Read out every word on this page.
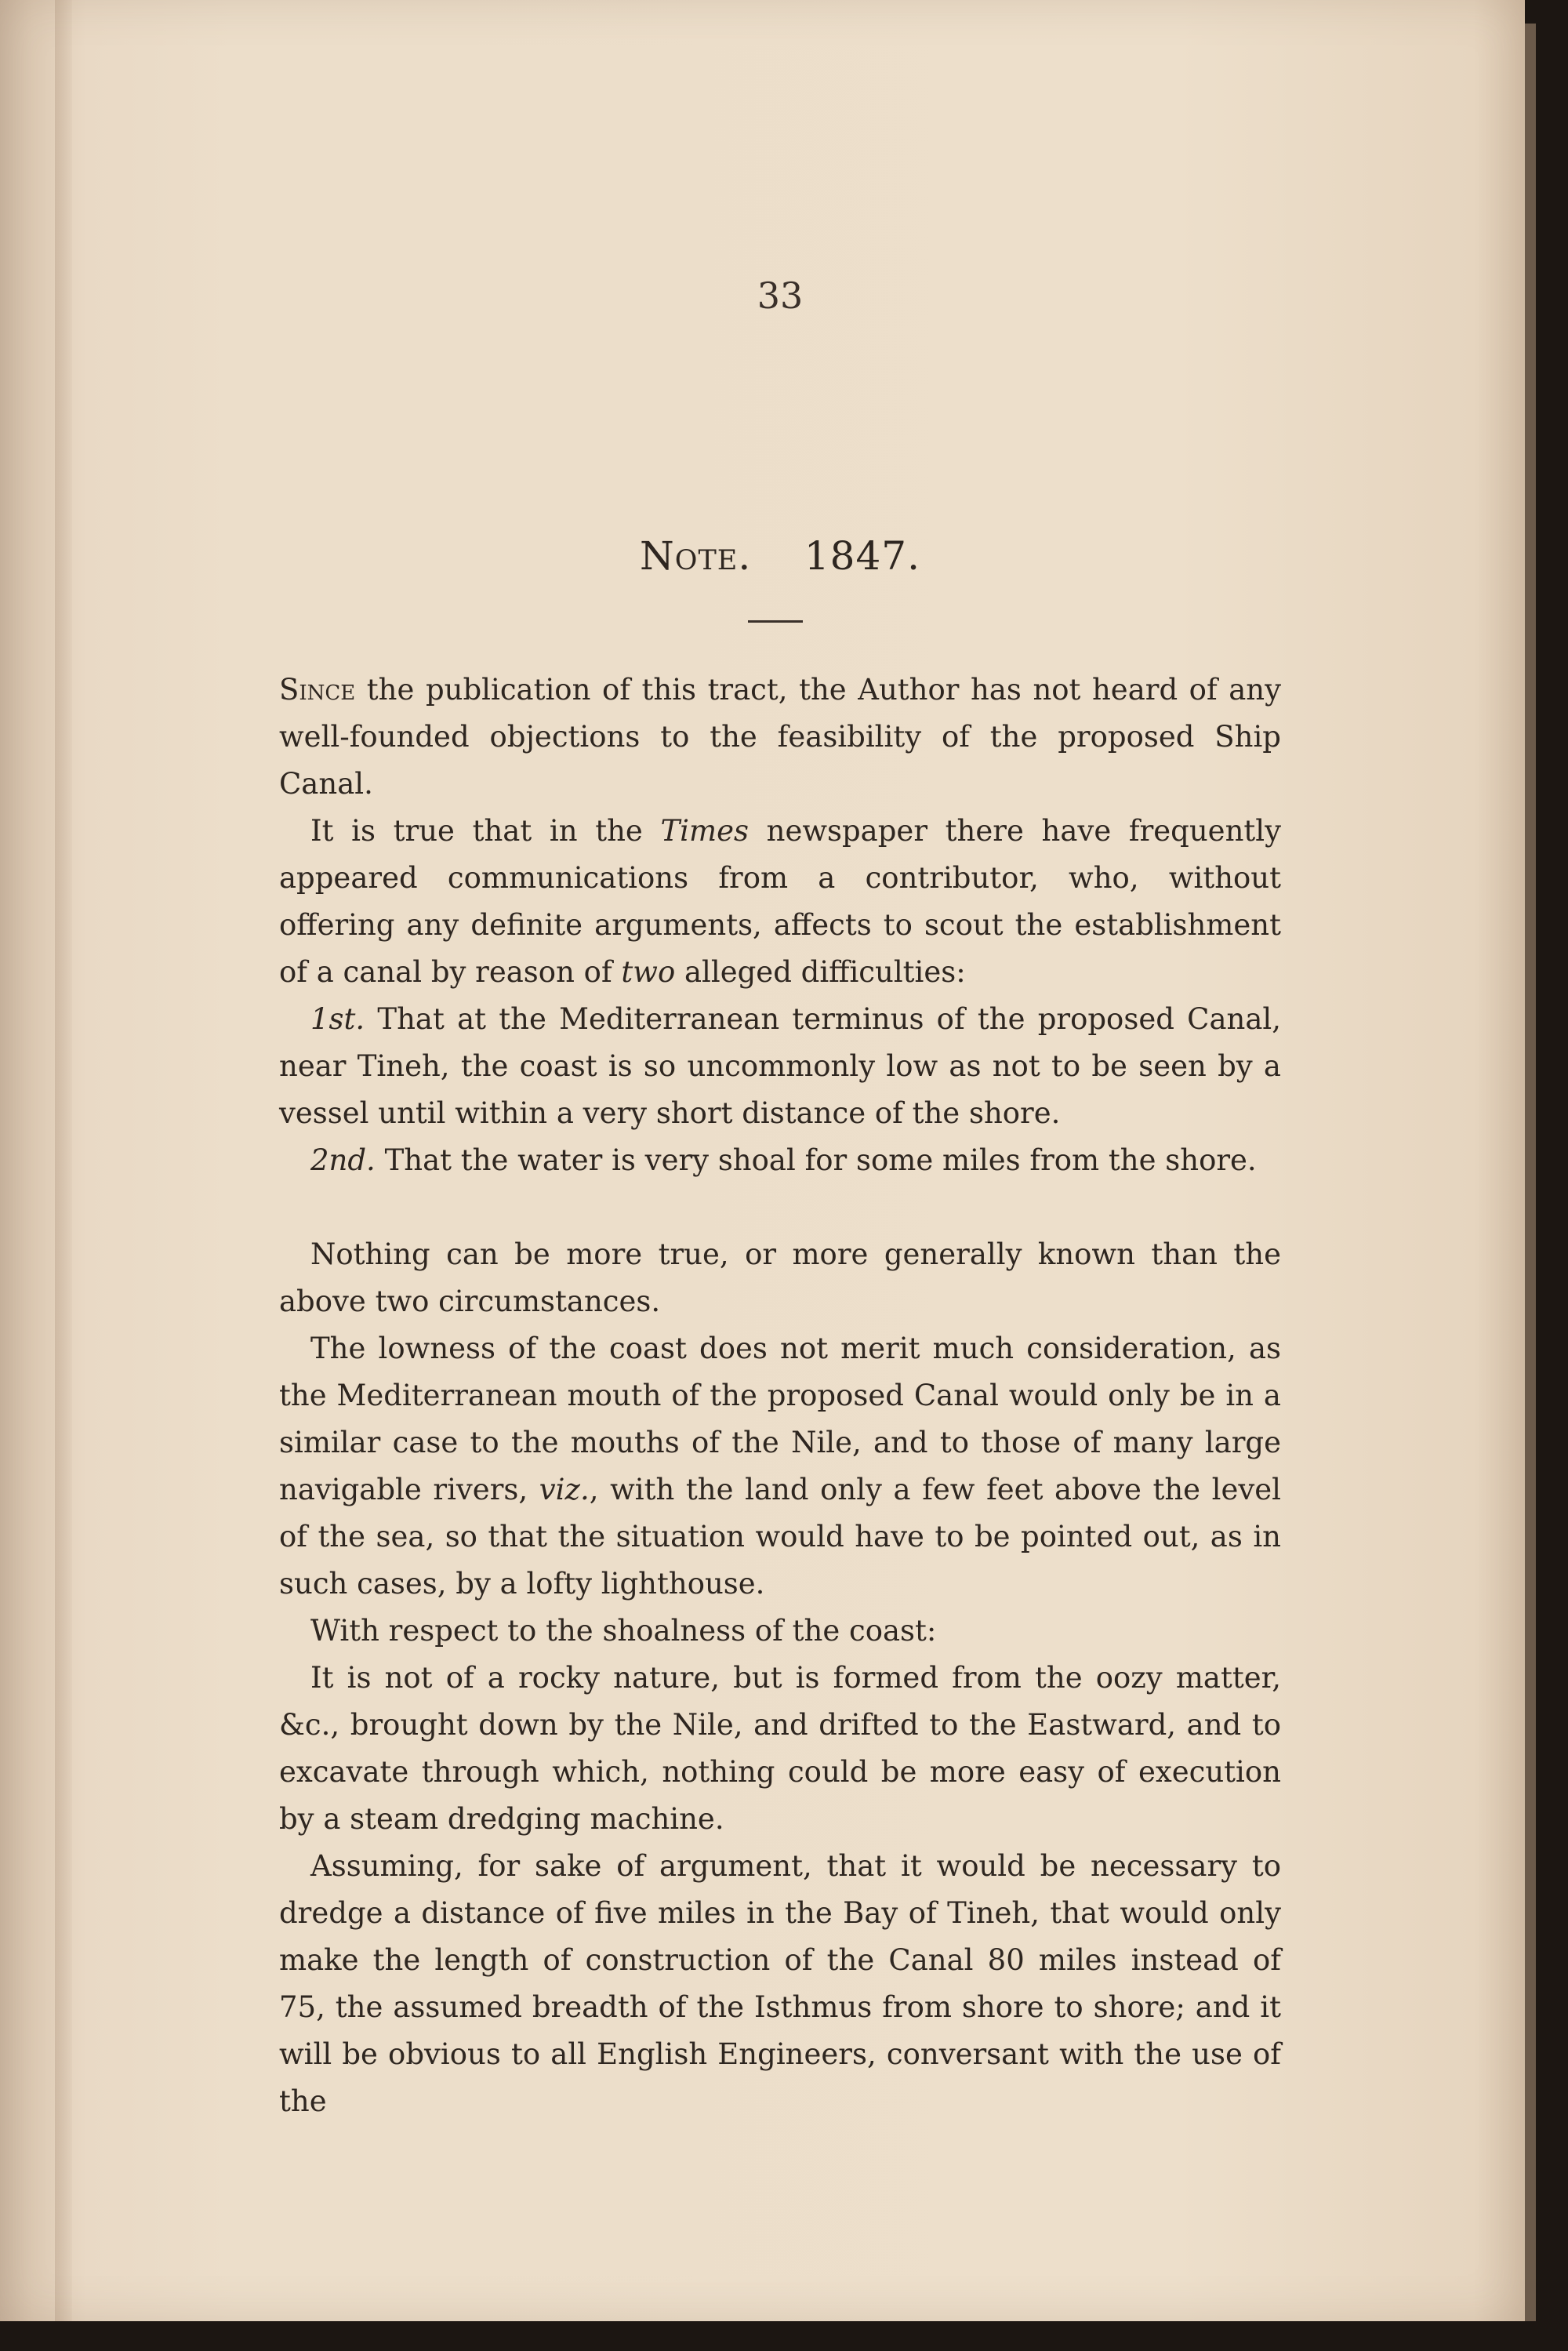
33
Note. 1847.

Since the publication of this tract, the Author has not heard of any well-founded objections to the feasibility of the proposed Ship Canal.

It is true that in the Times newspaper there have frequently appeared communications from a contributor, who, without offering any definite arguments, affects to scout the establishment of a canal by reason of two alleged difficulties:

1st. That at the Mediterranean terminus of the proposed Canal, near Tineh, the coast is so uncommonly low as not to be seen by a vessel until within a very short distance of the shore.

2nd. That the water is very shoal for some miles from the shore.

Nothing can be more true, or more generally known than the above two circumstances.

The lowness of the coast does not merit much consideration, as the Mediterranean mouth of the proposed Canal would only be in a similar case to the mouths of the Nile, and to those of many large navigable rivers, viz., with the land only a few feet above the level of the sea, so that the situation would have to be pointed out, as in such cases, by a lofty lighthouse.

With respect to the shoalness of the coast:

It is not of a rocky nature, but is formed from the oozy matter, &c., brought down by the Nile, and drifted to the Eastward, and to excavate through which, nothing could be more easy of execution by a steam dredging machine.

Assuming, for sake of argument, that it would be necessary to dredge a distance of five miles in the Bay of Tineh, that would only make the length of construction of the Canal 80 miles instead of 75, the assumed breadth of the Isthmus from shore to shore; and it will be obvious to all English Engineers, conversant with the use of the
